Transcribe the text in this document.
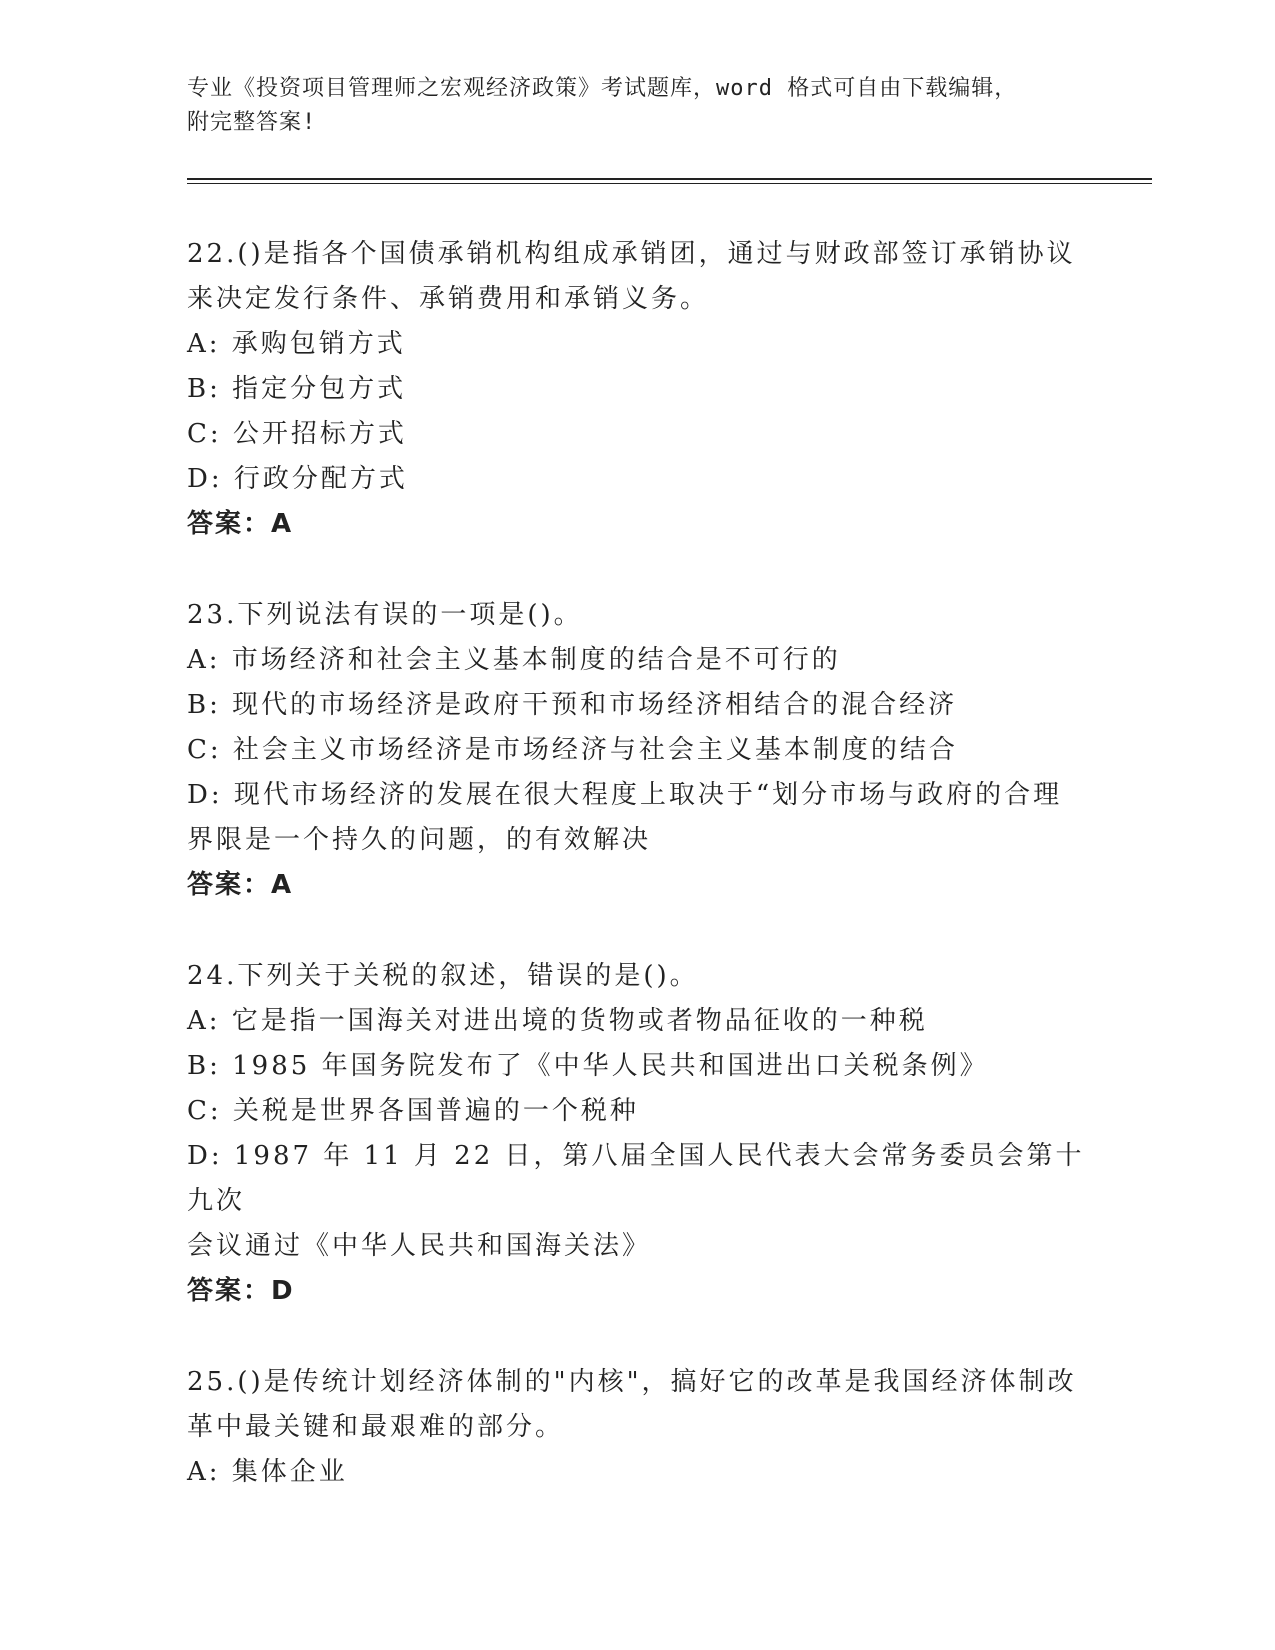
专业《投资项目管理师之宏观经济政策》考试题库，word 格式可自由下载编辑，
附完整答案!
22.()是指各个国债承销机构组成承销团，通过与财政部签订承销协议
来决定发行条件、承销费用和承销义务。
A: 承购包销方式
B: 指定分包方式
C: 公开招标方式
D: 行政分配方式
答案：A
23.下列说法有误的一项是()。
A: 市场经济和社会主义基本制度的结合是不可行的
B: 现代的市场经济是政府干预和市场经济相结合的混合经济
C: 社会主义市场经济是市场经济与社会主义基本制度的结合
D: 现代市场经济的发展在很大程度上取决于“划分市场与政府的合理
界限是一个持久的问题，的有效解决
答案：A
24.下列关于关税的叙述，错误的是()。
A: 它是指一国海关对进出境的货物或者物品征收的一种税
B: 1985 年国务院发布了《中华人民共和国进出口关税条例》
C: 关税是世界各国普遍的一个税种
D: 1987 年 11 月 22 日，第八届全国人民代表大会常务委员会第十九次
会议通过《中华人民共和国海关法》
答案：D
25.()是传统计划经济体制的"内核"，搞好它的改革是我国经济体制改
革中最关键和最艰难的部分。
A: 集体企业
